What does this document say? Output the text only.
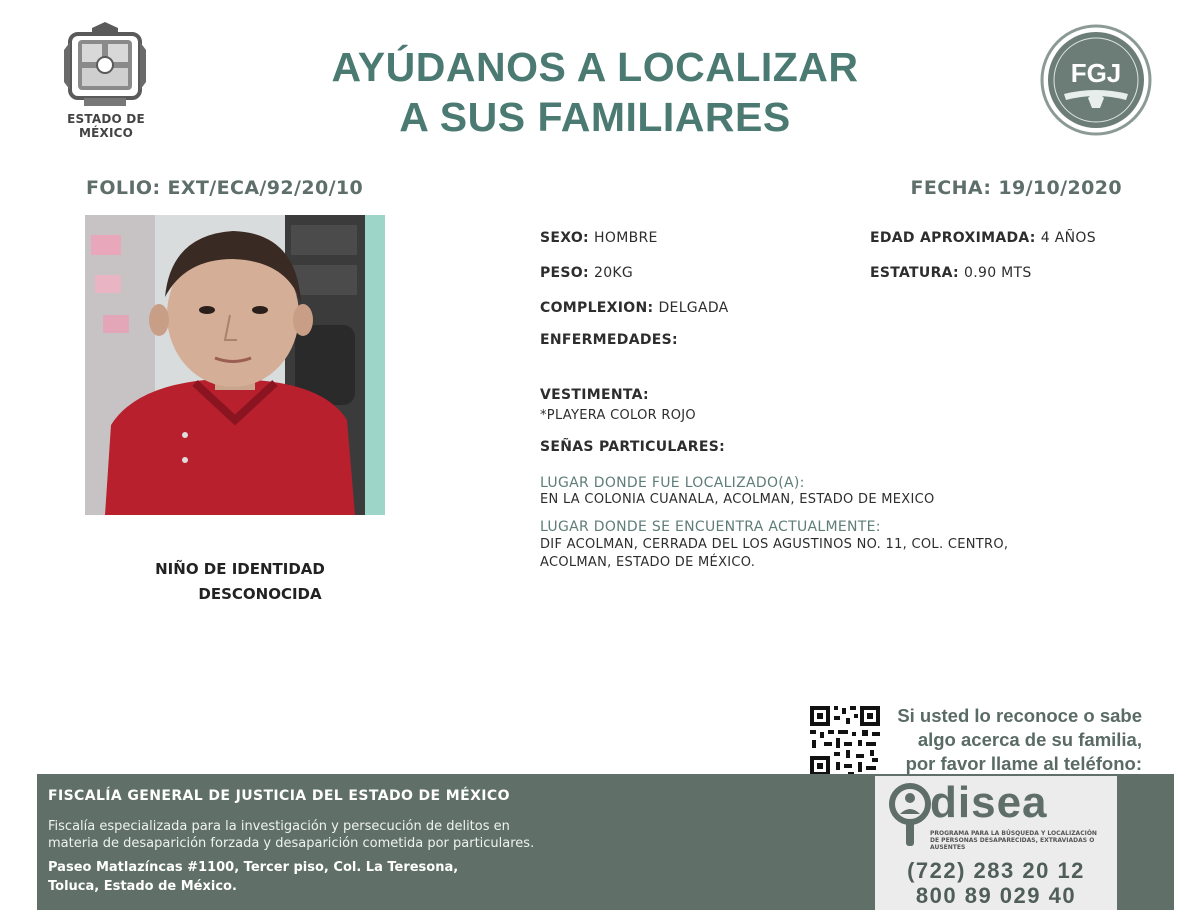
ESTADO DE MÉXICO
AYÚDANOS A LOCALIZAR
A SUS FAMILIARES
FGJ
FOLIO: EXT/ECA/92/20/10	FECHA: 19/10/2020
NIÑO DE IDENTIDAD
DESCONOCIDA
SEXO: HOMBRE
PESO: 20KG
COMPLEXION: DELGADA
ENFERMEDADES:
EDAD APROXIMADA: 4 AÑOS
ESTATURA: 0.90 MTS
VESTIMENTA:
*PLAYERA COLOR ROJO
SEÑAS PARTICULARES:
LUGAR DONDE FUE LOCALIZADO(A):
EN LA COLONIA CUANALA, ACOLMAN, ESTADO DE MEXICO
LUGAR DONDE SE ENCUENTRA ACTUALMENTE:
DIF ACOLMAN, CERRADA DEL LOS AGUSTINOS NO. 11, COL. CENTRO,
ACOLMAN, ESTADO DE MÉXICO.
Si usted lo reconoce o sabe
algo acerca de su familia,
por favor llame al teléfono:
FISCALÍA GENERAL DE JUSTICIA DEL ESTADO DE MÉXICO
Fiscalía especializada para la investigación y persecución de delitos en
materia de desaparición forzada y desaparición cometida por particulares.
Paseo Matlazíncas #1100, Tercer piso, Col. La Teresona,
Toluca, Estado de México.
disea
PROGRAMA PARA LA BÚSQUEDA Y LOCALIZACIÓN DE PERSONAS DESAPARECIDAS, EXTRAVIADAS O AUSENTES
(722) 283 20 12
800 89 029 40
